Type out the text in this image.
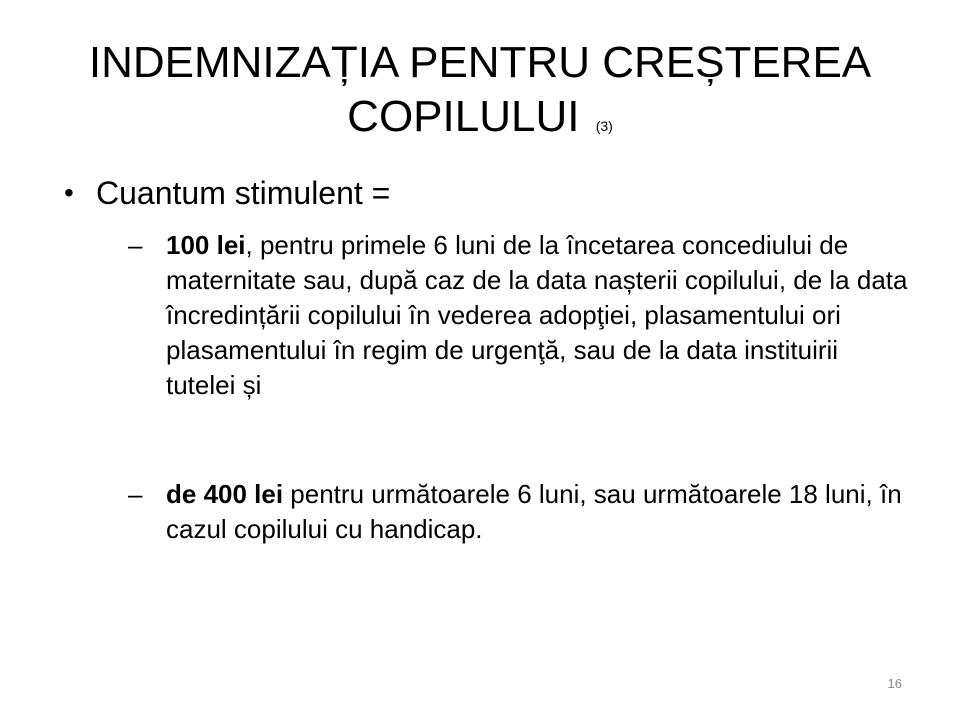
INDEMNIZAȚIA PENTRU CREȘTEREA COPILULUI (3)
• Cuantum stimulent =
– 100 lei, pentru primele 6 luni de la încetarea concediului de maternitate sau, după caz de la data nașterii copilului, de la data încredințării copilului în vederea adopţiei, plasamentului ori plasamentului în regim de urgenţă, sau de la data instituirii tutelei și
– de 400 lei pentru următoarele 6 luni, sau următoarele 18 luni, în cazul copilului cu handicap.
16
